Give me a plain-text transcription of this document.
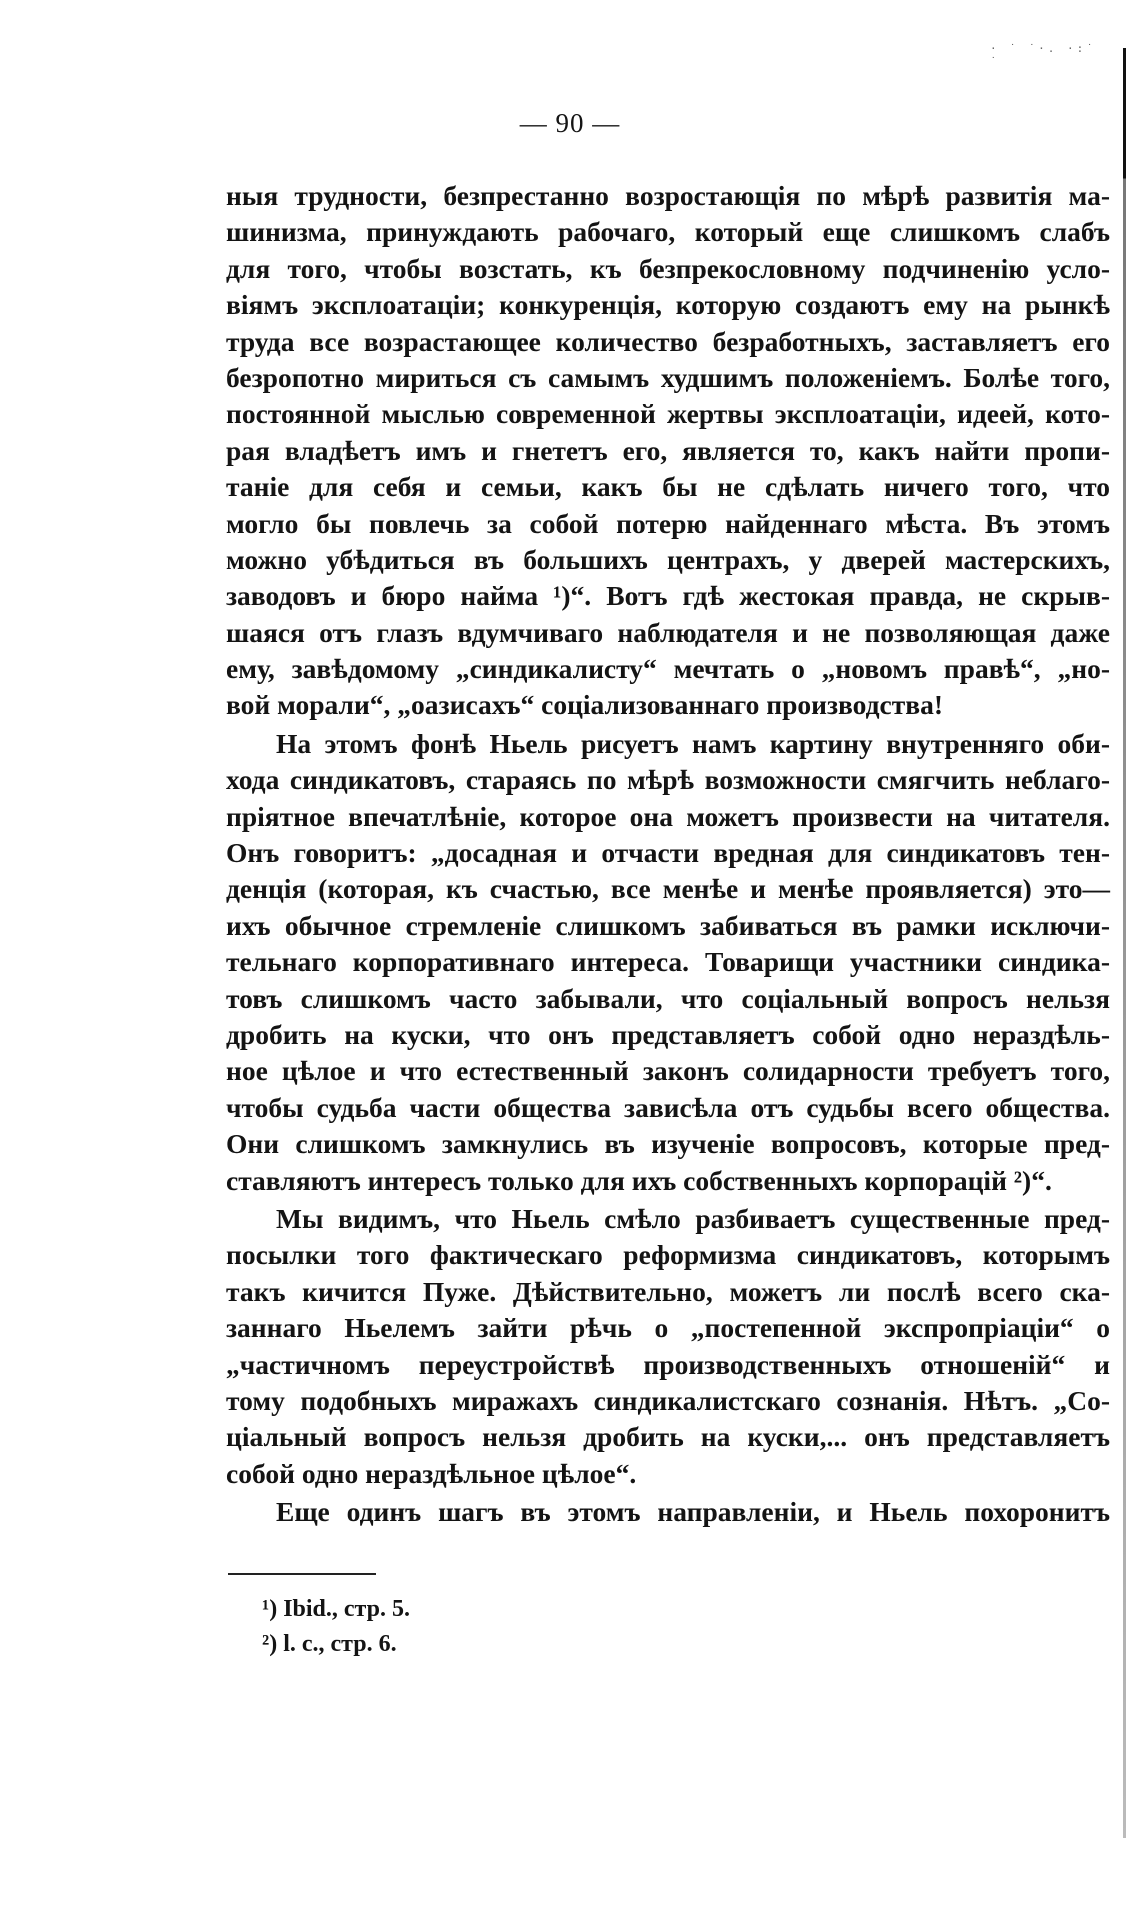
· ˙ ˙·. ·:˙ ˙
— 90 —
ныя трудности, безпрестанно возростающія по мѣрѣ развитія ма-
шинизма, принуждають рабочаго, который еще слишкомъ слабъ
для того, чтобы возстать, къ безпрекословному подчиненію усло-
віямъ эксплоатаціи; конкуренція, которую создаютъ ему на рынкѣ
труда все возрастающее количество безработныхъ, заставляетъ его
безропотно мириться съ самымъ худшимъ положеніемъ. Болѣе того,
постоянной мыслью современной жертвы эксплоатаціи, идеей, кото-
рая владѣетъ имъ и гнететъ его, является то, какъ найти пропи-
таніе для себя и семьи, какъ бы не сдѣлать ничего того, что
могло бы повлечь за собой потерю найденнаго мѣста. Въ этомъ
можно убѣдиться въ большихъ центрахъ, у дверей мастерскихъ,
заводовъ и бюро найма ¹)“. Вотъ гдѣ жестокая правда, не скрыв-
шаяся отъ глазъ вдумчиваго наблюдателя и не позволяющая даже
ему, завѣдомому „синдикалисту“ мечтать о „новомъ правѣ“, „но-
вой морали“, „оазисахъ“ соціализованнаго производства!
На этомъ фонѣ Ньель рисуетъ намъ картину внутренняго оби-
хода синдикатовъ, стараясь по мѣрѣ возможности смягчить неблаго-
пріятное впечатлѣніе, которое она можетъ произвести на читателя.
Онъ говоритъ: „досадная и отчасти вредная для синдикатовъ тен-
денція (которая, къ счастью, все менѣе и менѣе проявляется) это—
ихъ обычное стремленіе слишкомъ забиваться въ рамки исключи-
тельнаго корпоративнаго интереса. Товарищи участники синдика-
товъ слишкомъ часто забывали, что соціальный вопросъ нельзя
дробить на куски, что онъ представляетъ собой одно нераздѣль-
ное цѣлое и что естественный законъ солидарности требуетъ того,
чтобы судьба части общества зависѣла отъ судьбы всего общества.
Они слишкомъ замкнулись въ изученіе вопросовъ, которые пред-
ставляютъ интересъ только для ихъ собственныхъ корпорацій ²)“.
Мы видимъ, что Ньель смѣло разбиваетъ существенные пред-
посылки того фактическаго реформизма синдикатовъ, которымъ
такъ кичится Пуже. Дѣйствительно, можетъ ли послѣ всего ска-
заннаго Ньелемъ зайти рѣчь о „постепенной экспропріаціи“ о
„частичномъ переустройствѣ производственныхъ отношеній“ и
тому подобныхъ миражахъ синдикалистскаго сознанія. Нѣтъ. „Со-
ціальный вопросъ нельзя дробить на куски,... онъ представляетъ
собой одно нераздѣльное цѣлое“.
Еще одинъ шагъ въ этомъ направленіи, и Ньель похоронитъ
¹) Ibid., стр. 5.
²) l. c., стр. 6.
